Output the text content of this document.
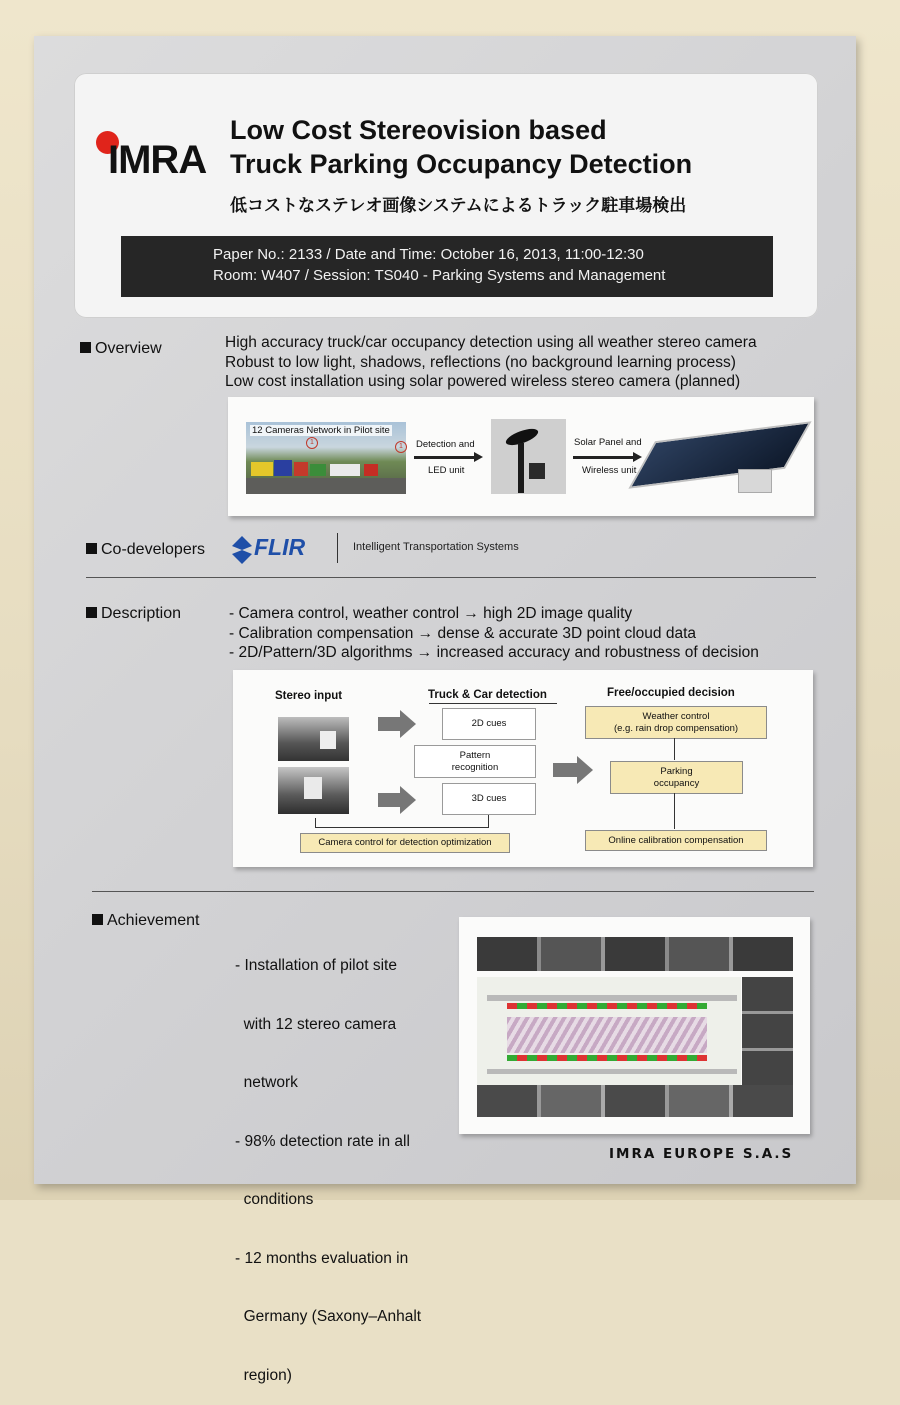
IMRA
Low Cost Stereovision based
Truck Parking Occupancy Detection
低コストなステレオ画像システムによるトラック駐車場検出
Paper No.: 2133 / Date and Time: October 16, 2013, 11:00-12:30
Room: W407 / Session: TS040 - Parking Systems and Management
Overview	High accuracy truck/car occupancy detection using all weather stereo camera
Robust to low light, shadows, reflections (no background learning process)
Low cost installation using solar powered wireless stereo camera (planned)
12 Cameras Network in Pilot site
1
1	Detection and
LED unit
Solar Panel and
Wireless unit
Co-developers FLIR	Intelligent Transportation Systems
Description	- Camera control, weather control → high 2D image quality
- Calibration compensation → dense & accurate 3D point cloud data
- 2D/Pattern/3D algorithms → increased accuracy and robustness of decision
Stereo input	Truck & Car detection
2D cues
Pattern
recognition
3D cues
Free/occupied decision
Weather control
(e.g. rain drop compensation)
Parking
occupancy
Online calibration compensation
Camera control for detection optimization
Achievement

- Installation of pilot site

with 12 stereo camera

network

- 98% detection rate in all

conditions

- 12 months evaluation in

Germany (Saxony–Anhalt

region)

IMRA EUROPE S.A.S
